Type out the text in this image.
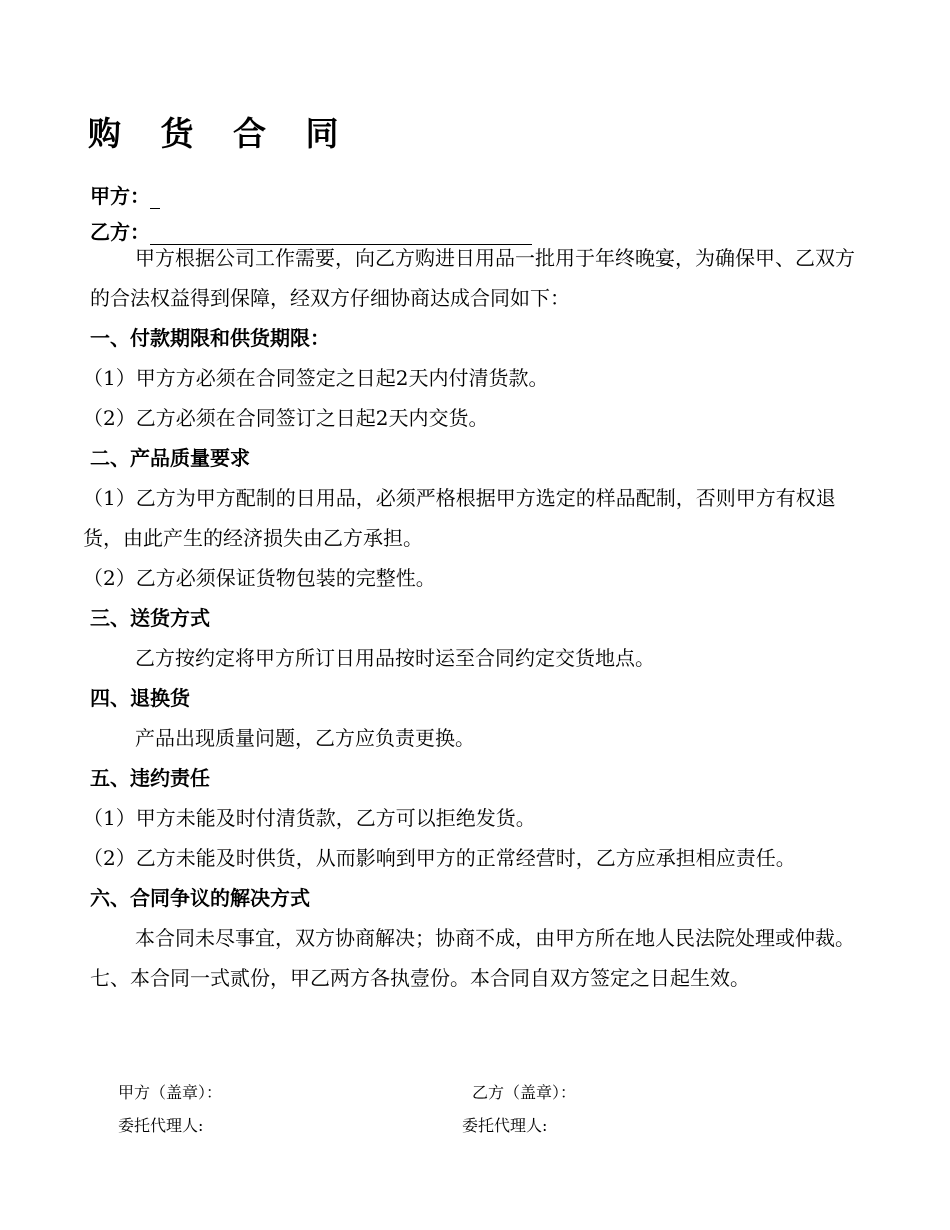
购 货 合 同
甲方：
乙方：

甲方根据公司工作需要，向乙方购进日用品一批用于年终晚宴，为确保甲、乙双方的合法权益得到保障，经双方仔细协商达成合同如下：

一、付款期限和供货期限：

（1）甲方方必须在合同签定之日起2天内付清货款。

（2）乙方必须在合同签订之日起2天内交货。

二、产品质量要求

（1）乙方为甲方配制的日用品，必须严格根据甲方选定的样品配制，否则甲方有权退货，由此产生的经济损失由乙方承担。

（2）乙方必须保证货物包装的完整性。

三、送货方式

乙方按约定将甲方所订日用品按时运至合同约定交货地点。

四、退换货

产品出现质量问题，乙方应负责更换。

五、违约责任

（1）甲方未能及时付清货款，乙方可以拒绝发货。

（2）乙方未能及时供货，从而影响到甲方的正常经营时，乙方应承担相应责任。

六、合同争议的解决方式

本合同未尽事宜，双方协商解决；协商不成，由甲方所在地人民法院处理或仲裁。

七、本合同一式贰份，甲乙两方各执壹份。本合同自双方签定之日起生效。

甲方（盖章）：	乙方（盖章）：
委托代理人:	委托代理人:
